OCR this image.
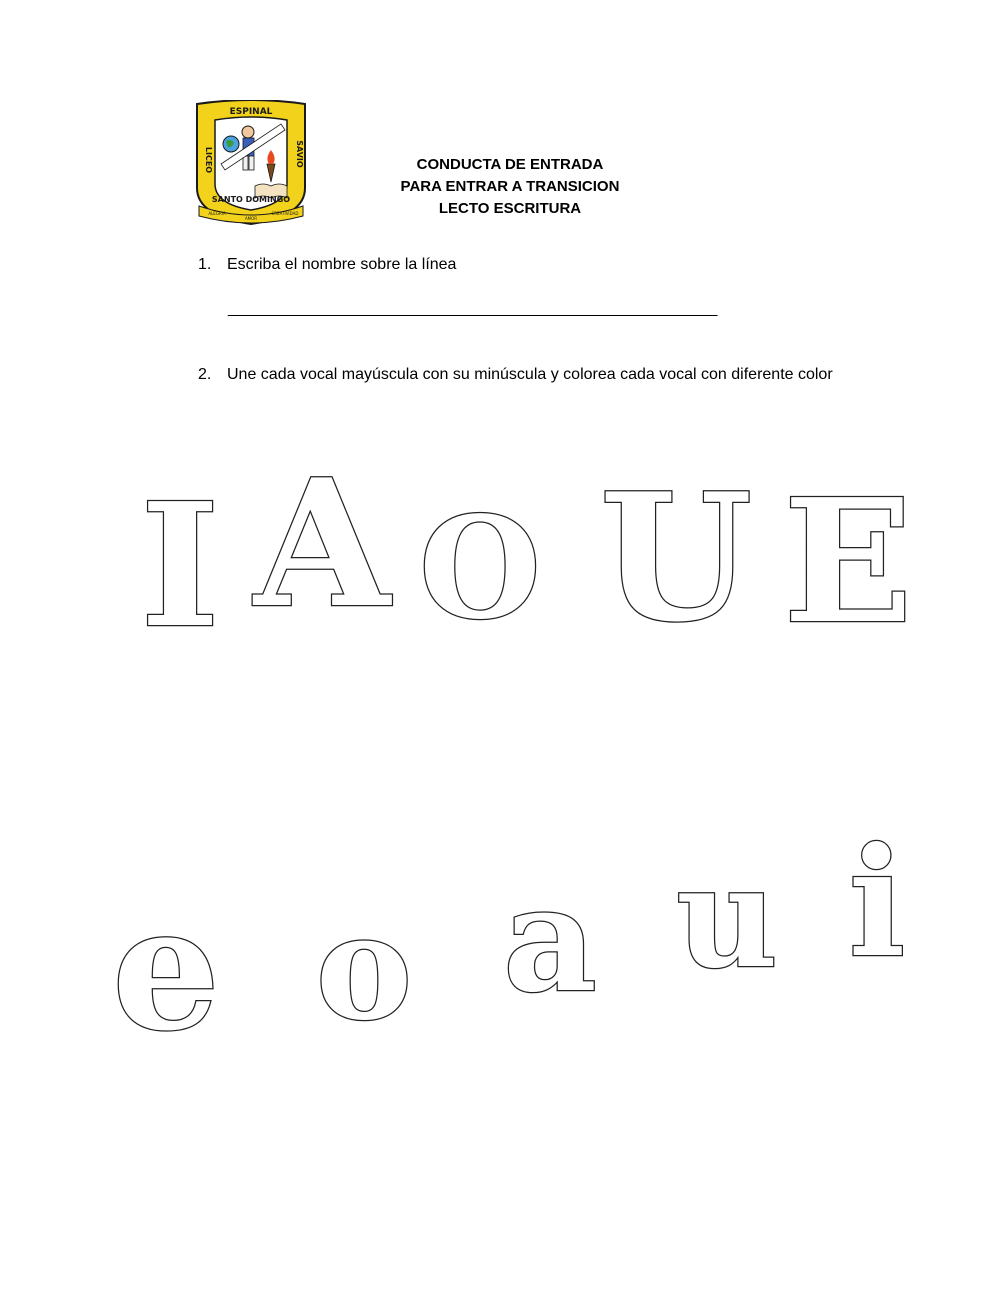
ESPINAL
LICEO	SAVIO
SANTO DOMINGO
ALEGRIA
AMOR
CREATIVIDAD
CONDUCTA DE ENTRADA
PARA ENTRAR A TRANSICION
LECTO ESCRITURA
1. Escriba el nombre sobre la línea
_______________________________________________________
2. Une cada vocal mayúscula con su minúscula y colorea cada vocal con diferente color
I A O U E
e o a u i
